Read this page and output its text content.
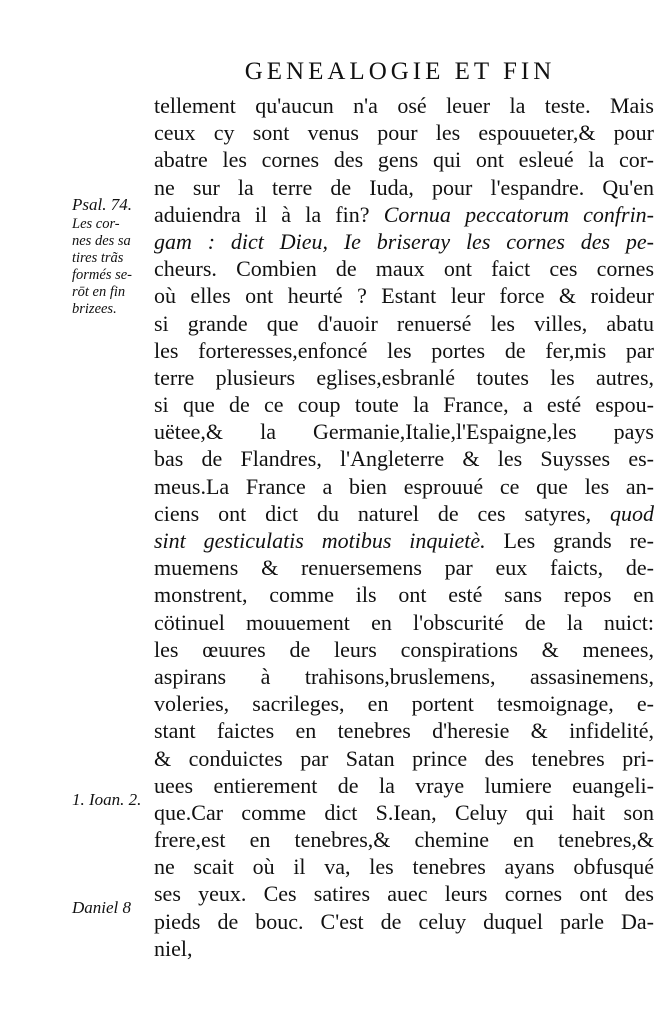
GENEALOGIE ET FIN
Psal. 74.
Les cor-
nes des sa
tires trãs
formés se-
rōt en fin
brizees.
1. Ioan. 2.
Daniel 8
tellement qu'aucun n'a osé leuer la teste. Mais
ceux cy sont venus pour les espouueter,& pour
abatre les cornes des gens qui ont esleué la cor-
ne sur la terre de Iuda, pour l'espandre. Qu'en
aduiendra il à la fin? Cornua peccatorum confrin-
gam : dict Dieu, Ie briseray les cornes des pe-
cheurs. Combien de maux ont faict ces cornes
où elles ont heurté ? Estant leur force & roideur
si grande que d'auoir renuersé les villes, abatu
les forteresses,enfoncé les portes de fer,mis par
terre plusieurs eglises,esbranlé toutes les autres,
si que de ce coup toute la France, a esté espou-
uëtee,& la Germanie,Italie,l'Espaigne,les pays
bas de Flandres, l'Angleterre & les Suysses es-
meus.La France a bien esprouué ce que les an-
ciens ont dict du naturel de ces satyres, quod
sint gesticulatis motibus inquietè. Les grands re-
muemens & renuersemens par eux faicts, de-
monstrent, comme ils ont esté sans repos en
cötinuel mouuement en l'obscurité de la nuict:
les œuures de leurs conspirations & menees,
aspirans à trahisons,bruslemens, assasinemens,
voleries, sacrileges, en portent tesmoignage, e-
stant faictes en tenebres d'heresie & infidelité,
& conduictes par Satan prince des tenebres pri-
uees entierement de la vraye lumiere euangeli-
que.Car comme dict S.Iean, Celuy qui hait son
frere,est en tenebres,& chemine en tenebres,&
ne scait où il va, les tenebres ayans obfusqué
ses yeux. Ces satires auec leurs cornes ont des
pieds de bouc. C'est de celuy duquel parle Da-
niel,
